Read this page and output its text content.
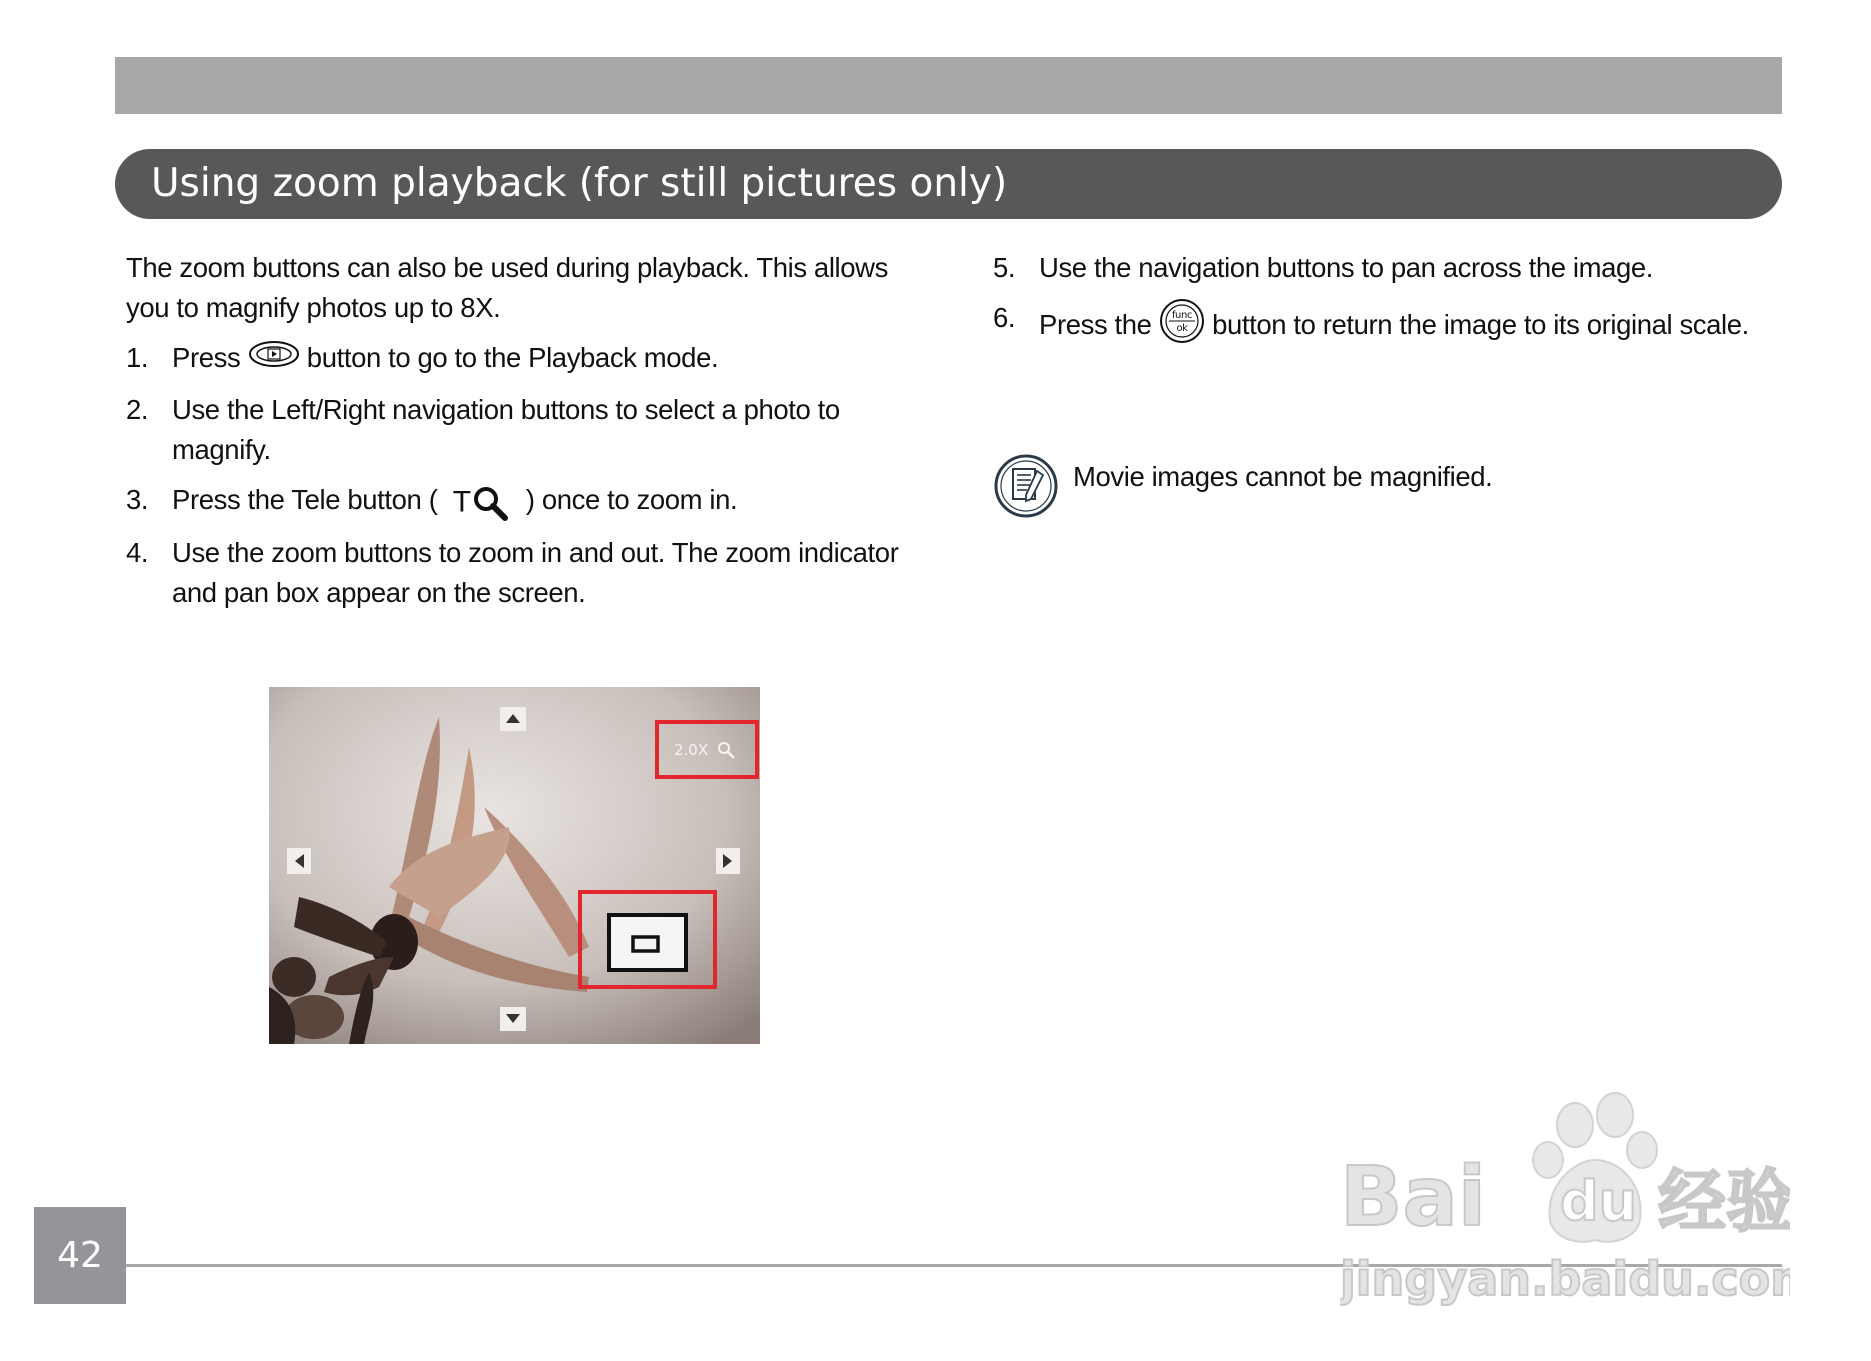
Using zoom playback (for still pictures only)

The zoom buttons can also be used during playback. This allows you to magnify photos up to 8X.

1. Press button to go to the Playback mode.
2. Use the Left/Right navigation buttons to select a photo to magnify.
3. Press the Tele button ( T ) once to zoom in.
4. Use the zoom buttons to zoom in and out. The zoom indicator and pan box appear on the screen.
5. Use the navigation buttons to pan across the image.
6. Press the func
ok button to return the image to its original scale.
Movie images cannot be magnified.
2.0X
42
Bai du 经验
jingyan.baidu.com
